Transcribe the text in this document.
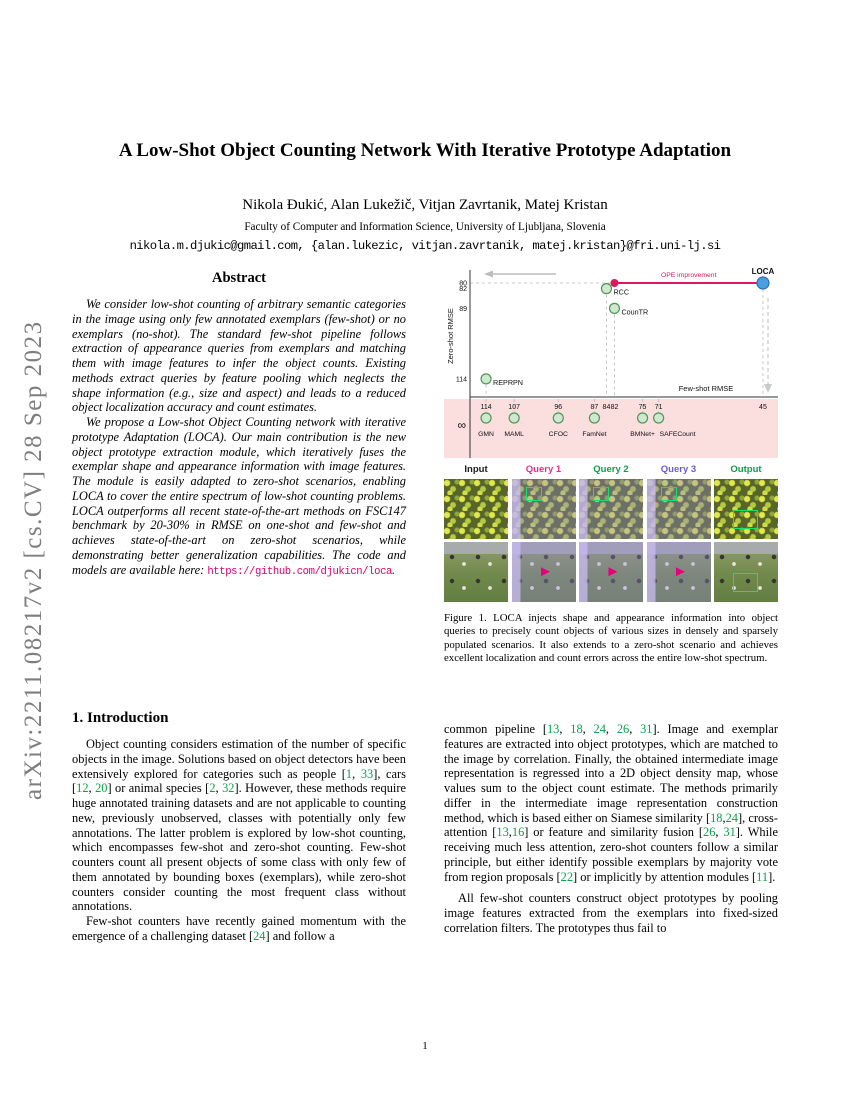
arXiv:2211.08217v2 [cs.CV] 28 Sep 2023
A Low-Shot Object Counting Network With Iterative Prototype Adaptation
Nikola Đukić, Alan Lukežič, Vitjan Zavrtanik, Matej Kristan
Faculty of Computer and Information Science, University of Ljubljana, Slovenia
nikola.m.djukic@gmail.com, {alan.lukezic, vitjan.zavrtanik, matej.kristan}@fri.uni-lj.si
Abstract

We consider low-shot counting of arbitrary semantic categories in the image using only few annotated exemplars (few-shot) or no exemplars (no-shot). The standard few-shot pipeline follows extraction of appearance queries from exemplars and matching them with image features to infer the object counts. Existing methods extract queries by feature pooling which neglects the shape information (e.g., size and aspect) and leads to a reduced object localization accuracy and count estimates.

We propose a Low-shot Object Counting network with iterative prototype Adaptation (LOCA). Our main contribution is the new object prototype extraction module, which iteratively fuses the exemplar shape and appearance information with image features. The module is easily adapted to zero-shot scenarios, enabling LOCA to cover the entire spectrum of low-shot counting problems. LOCA outperforms all recent state-of-the-art methods on FSC147 benchmark by 20-30% in RMSE on one-shot and few-shot and achieves state-of-the-art on zero-shot scenarios, while demonstrating better generalization capabilities. The code and models are available here: https://github.com/djukicn/loca.

1. Introduction

Object counting considers estimation of the number of specific objects in the image. Solutions based on object detectors have been extensively explored for categories such as people [1, 33], cars [12, 20] or animal species [2, 32]. However, these methods require huge annotated training datasets and are not applicable to counting new, previously unobserved, classes with potentially only few annotations. The latter problem is explored by low-shot counting, which encompasses few-shot and zero-shot counting. Few-shot counters count all present objects of some class with only few of them annotated by bounding boxes (exemplars), while zero-shot counters consider counting the most frequent class without annotations.

Few-shot counters have recently gained momentum with the emergence of a challenging dataset [24] and follow a

80
82
89
114
∞
114 107	96	87 84 82	75 71	45
Few-shot RMSE
Zero-shot RMSE
OPE improvement	LOCA
RCC
CounTR
REPRPN
GMN MAML	CFOC FamNet	BMNet+ SAFECount
Input	Query 1	Query 2	Query 3	Output

Figure 1. LOCA injects shape and appearance information into object queries to precisely count objects of various sizes in densely and sparsely populated scenarios. It also extends to a zero-shot scenario and achieves excellent localization and count errors across the entire low-shot spectrum.

common pipeline [13, 18, 24, 26, 31]. Image and exemplar features are extracted into object prototypes, which are matched to the image by correlation. Finally, the obtained intermediate image representation is regressed into a 2D object density map, whose values sum to the object count estimate. The methods primarily differ in the intermediate image representation construction method, which is based either on Siamese similarity [18,24], cross-attention [13,16] or feature and similarity fusion [26, 31]. While receiving much less attention, zero-shot counters follow a similar principle, but either identify possible exemplars by majority vote from region proposals [22] or implicitly by attention modules [11].

All few-shot counters construct object prototypes by pooling image features extracted from the exemplars into fixed-sized correlation filters. The prototypes thus fail to

1
